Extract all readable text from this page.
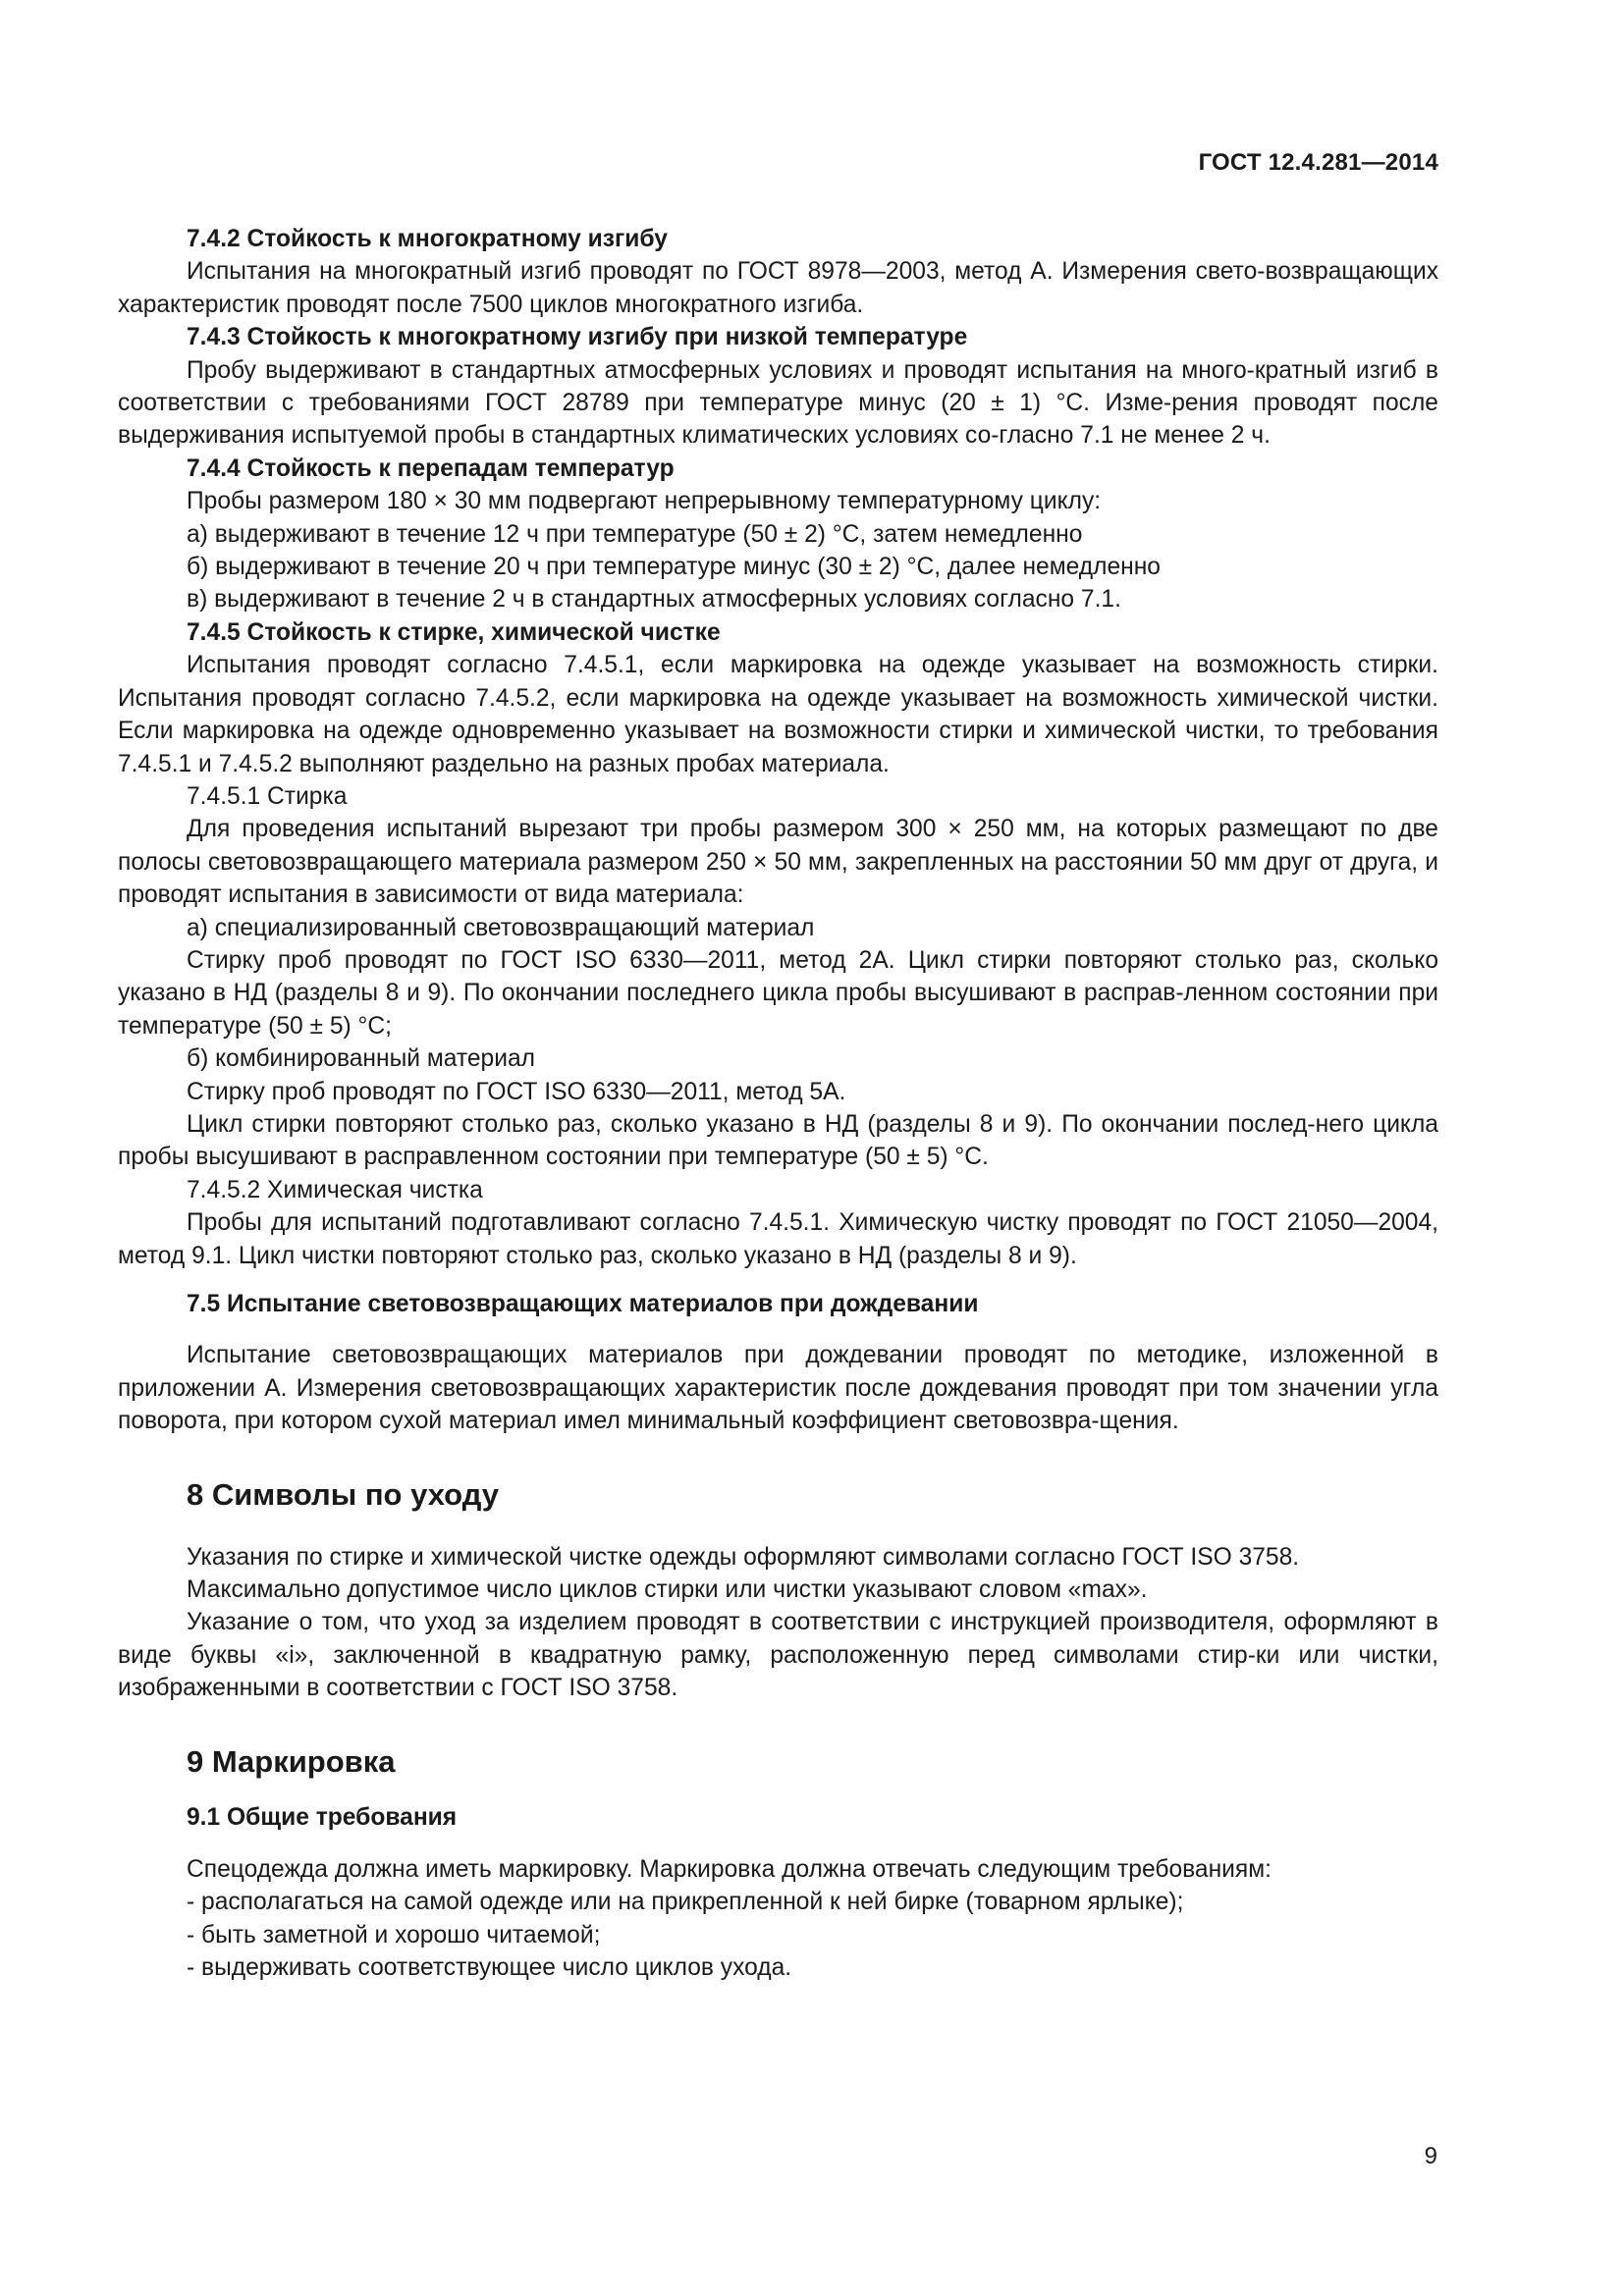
ГОСТ 12.4.281—2014

7.4.2 Стойкость к многократному изгибу

Испытания на многократный изгиб проводят по ГОСТ 8978—2003, метод А. Измерения свето-возвращающих характеристик проводят после 7500 циклов многократного изгиба.

7.4.3 Стойкость к многократному изгибу при низкой температуре

Пробу выдерживают в стандартных атмосферных условиях и проводят испытания на много-кратный изгиб в соответствии с требованиями ГОСТ 28789 при температуре минус (20 ± 1) °С. Изме-рения проводят после выдерживания испытуемой пробы в стандартных климатических условиях со-гласно 7.1 не менее 2 ч.

7.4.4 Стойкость к перепадам температур

Пробы размером 180 × 30 мм подвергают непрерывному температурному циклу:

а) выдерживают в течение 12 ч при температуре (50 ± 2) °С, затем немедленно

б) выдерживают в течение 20 ч при температуре минус (30 ± 2) °С, далее немедленно

в) выдерживают в течение 2 ч в стандартных атмосферных условиях согласно 7.1.

7.4.5 Стойкость к стирке, химической чистке

Испытания проводят согласно 7.4.5.1, если маркировка на одежде указывает на возможность стирки. Испытания проводят согласно 7.4.5.2, если маркировка на одежде указывает на возможность химической чистки. Если маркировка на одежде одновременно указывает на возможности стирки и химической чистки, то требования 7.4.5.1 и 7.4.5.2 выполняют раздельно на разных пробах материала.

7.4.5.1 Стирка

Для проведения испытаний вырезают три пробы размером 300 × 250 мм, на которых размещают по две полосы световозвращающего материала размером 250 × 50 мм, закрепленных на расстоянии 50 мм друг от друга, и проводят испытания в зависимости от вида материала:

а) специализированный световозвращающий материал

Стирку проб проводят по ГОСТ ISO 6330—2011, метод 2А. Цикл стирки повторяют столько раз, сколько указано в НД (разделы 8 и 9). По окончании последнего цикла пробы высушивают в расправ-ленном состоянии при температуре (50 ± 5) °С;

б) комбинированный материал

Стирку проб проводят по ГОСТ ISO 6330—2011, метод 5А.

Цикл стирки повторяют столько раз, сколько указано в НД (разделы 8 и 9). По окончании послед-него цикла пробы высушивают в расправленном состоянии при температуре (50 ± 5) °С.

7.4.5.2 Химическая чистка

Пробы для испытаний подготавливают согласно 7.4.5.1. Химическую чистку проводят по ГОСТ 21050—2004, метод 9.1. Цикл чистки повторяют столько раз, сколько указано в НД (разделы 8 и 9).

7.5 Испытание световозвращающих материалов при дождевании

Испытание световозвращающих материалов при дождевании проводят по методике, изложенной в приложении А. Измерения световозвращающих характеристик после дождевания проводят при том значении угла поворота, при котором сухой материал имел минимальный коэффициент световозвра-щения.

8 Символы по уходу

Указания по стирке и химической чистке одежды оформляют символами согласно ГОСТ ISO 3758.

Максимально допустимое число циклов стирки или чистки указывают словом «max».

Указание о том, что уход за изделием проводят в соответствии с инструкцией производителя, оформляют в виде буквы «i», заключенной в квадратную рамку, расположенную перед символами стир-ки или чистки, изображенными в соответствии с ГОСТ ISO 3758.

9 Маркировка

9.1 Общие требования

Спецодежда должна иметь маркировку. Маркировка должна отвечать следующим требованиям:

- располагаться на самой одежде или на прикрепленной к ней бирке (товарном ярлыке);

- быть заметной и хорошо читаемой;

- выдерживать соответствующее число циклов ухода.

9
